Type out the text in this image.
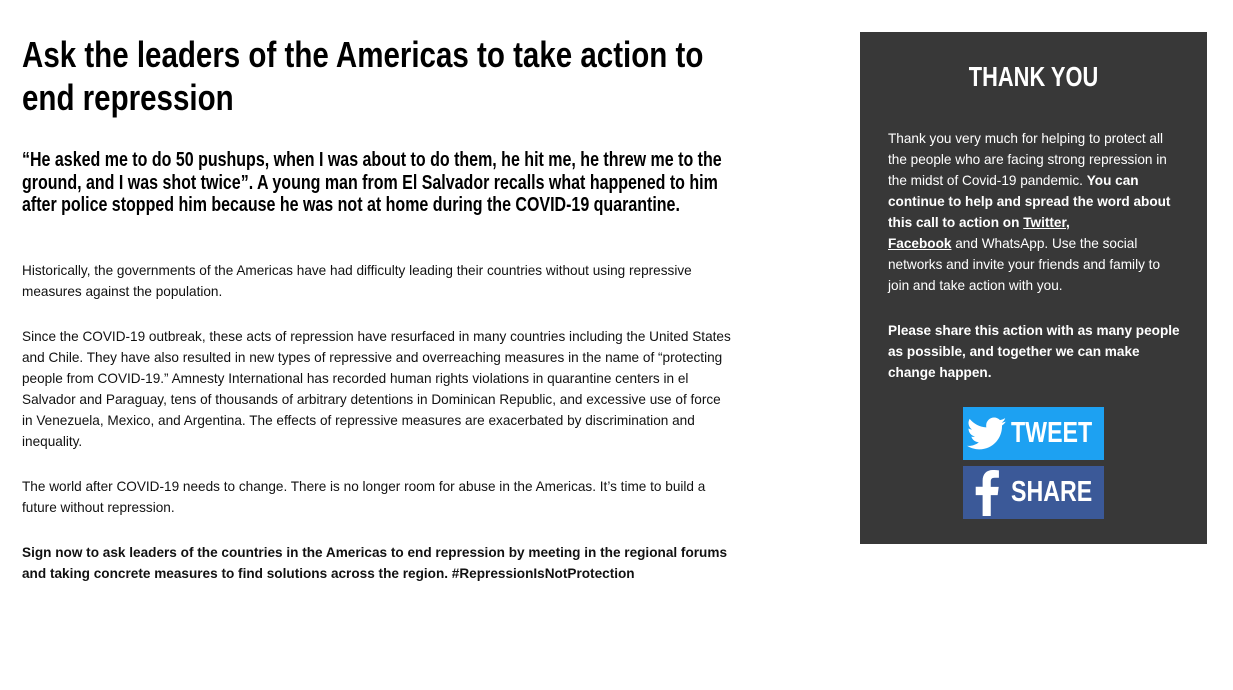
Ask the leaders of the Americas to take action to end repression

“He asked me to do 50 pushups, when I was about to do them, he hit me, he threw me to the ground, and I was shot twice”. A young man from El Salvador recalls what happened to him after police stopped him because he was not at home during the COVID-19 quarantine.

Historically, the governments of the Americas have had difficulty leading their countries without using repressive measures against the population.

Since the COVID-19 outbreak, these acts of repression have resurfaced in many countries including the United States and Chile. They have also resulted in new types of repressive and overreaching measures in the name of “protecting people from COVID-19.” Amnesty International has recorded human rights violations in quarantine centers in el Salvador and Paraguay, tens of thousands of arbitrary detentions in Dominican Republic, and excessive use of force in Venezuela, Mexico, and Argentina. The effects of repressive measures are exacerbated by discrimination and inequality.

The world after COVID-19 needs to change. There is no longer room for abuse in the Americas. It’s time to build a future without repression.

Sign now to ask leaders of the countries in the Americas to end repression by meeting in the regional forums and taking concrete measures to find solutions across the region. #RepressionIsNotProtection

THANK YOU

Thank you very much for helping to protect all the people who are facing strong repression in the midst of Covid-19 pandemic. You can continue to help and spread the word about this call to action on Twitter,
Facebook and WhatsApp. Use the social networks and invite your friends and family to join and take action with you.

Please share this action with as many people as possible, and together we can make change happen.

TWEET
SHARE
